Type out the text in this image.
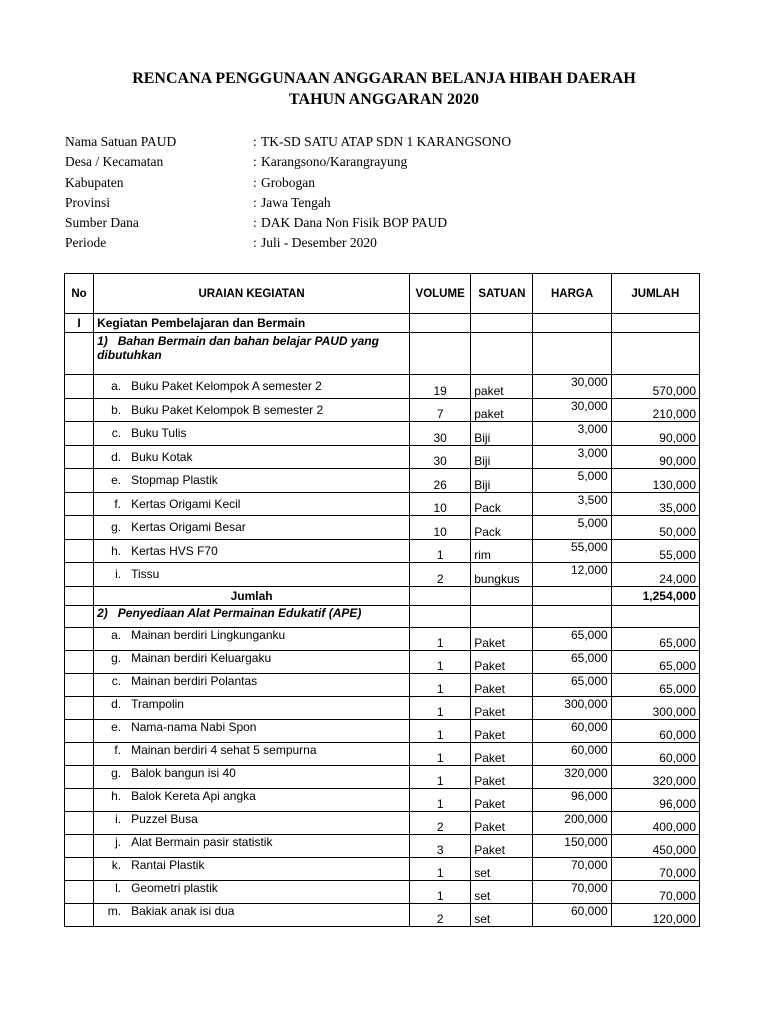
RENCANA PENGGUNAAN ANGGARAN BELANJA HIBAH DAERAH
TAHUN ANGGARAN 2020
Nama Satuan PAUD	: TK-SD SATU ATAP SDN 1 KARANGSONO
Desa / Kecamatan	: Karangsono/Karangrayung
Kabupaten	: Grobogan
Provinsi	: Jawa Tengah
Sumber Dana	: DAK Dana Non Fisik BOP PAUD
Periode	: Juli - Desember 2020
No	URAIAN KEGIATAN	VOLUME	SATUAN	HARGA	JUMLAH
I	Kegiatan Pembelajaran dan Bermain				
	1) Bahan Bermain dan bahan belajar PAUD yang dibutuhkan				
	a. Buku Paket Kelompok A semester 2	19	paket	30,000	570,000
	b. Buku Paket Kelompok B semester 2	7	paket	30,000	210,000
	c. Buku Tulis	30	Biji	3,000	90,000
	d. Buku Kotak	30	Biji	3,000	90,000
	e. Stopmap Plastik	26	Biji	5,000	130,000
	f. Kertas Origami Kecil	10	Pack	3,500	35,000
	g. Kertas Origami Besar	10	Pack	5,000	50,000
	h. Kertas HVS F70	1	rim	55,000	55,000
	i. Tissu	2	bungkus	12,000	24,000
	Jumlah				1,254,000
	2) Penyediaan Alat Permainan Edukatif (APE)				
	a. Mainan berdiri Lingkunganku	1	Paket	65,000	65,000
	g. Mainan berdiri Keluargaku	1	Paket	65,000	65,000
	c. Mainan berdiri Polantas	1	Paket	65,000	65,000
	d. Trampolin	1	Paket	300,000	300,000
	e. Nama-nama Nabi Spon	1	Paket	60,000	60,000
	f. Mainan berdiri 4 sehat 5 sempurna	1	Paket	60,000	60,000
	g. Balok bangun isi 40	1	Paket	320,000	320,000
	h. Balok Kereta Api angka	1	Paket	96,000	96,000
	i. Puzzel Busa	2	Paket	200,000	400,000
	j. Alat Bermain pasir statistik	3	Paket	150,000	450,000
	k. Rantai Plastik	1	set	70,000	70,000
	l. Geometri plastik	1	set	70,000	70,000
	m. Bakiak anak isi dua	2	set	60,000	120,000
